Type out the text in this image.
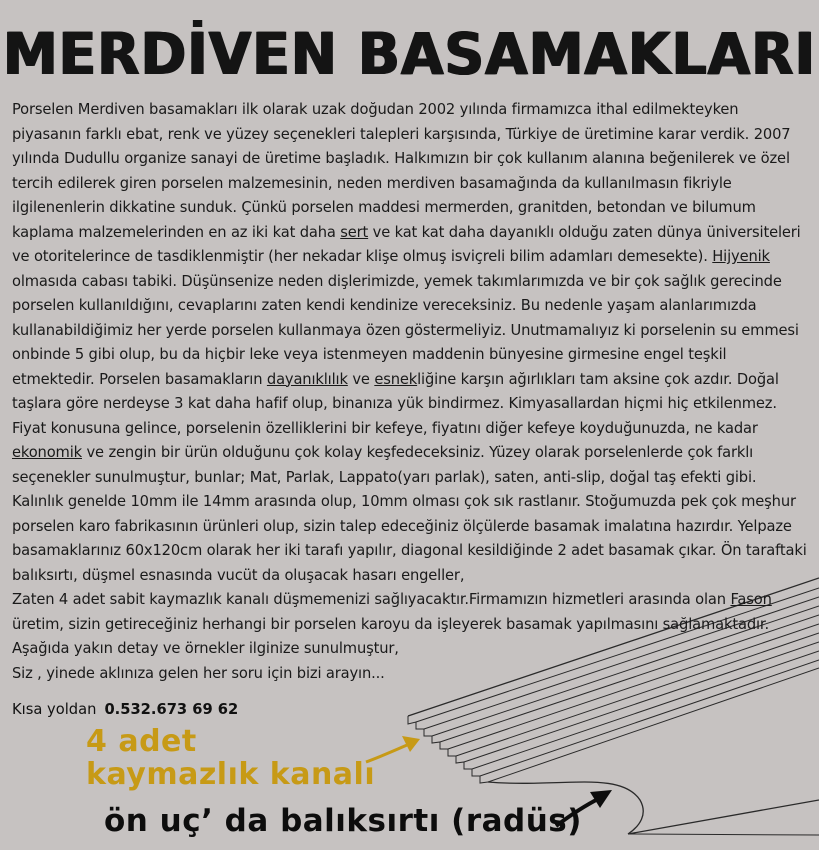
MERDİVEN BASAMAKLARI
Porselen Merdiven basamakları ilk olarak uzak doğudan 2002 yılında firmamızca ithal edilmekteyken piyasanın farklı ebat, renk ve yüzey seçenekleri talepleri karşısında, Türkiye de üretimine karar verdik. 2007 yılında Dudullu organize sanayi de üretime başladık. Halkımızın bir çok kullanım alanına beğenilerek ve özel tercih edilerek giren porselen malzemesinin, neden merdiven basamağında da kullanılmasın fikriyle ilgilenenlerin dikkatine sunduk. Çünkü porselen maddesi mermerden, granitden, betondan ve bilumum kaplama malzemelerinden en az iki kat daha sert ve kat kat daha dayanıklı olduğu zaten dünya üniversiteleri ve otoritelerince de tasdiklenmiştir (her nekadar klişe olmuş isviçreli bilim adamları demesekte). Hijyenik olmasıda cabası tabiki. Düşünsenize neden dişlerimizde, yemek takımlarımızda ve bir çok sağlık gerecinde porselen kullanıldığını, cevaplarını zaten kendi kendinize vereceksiniz. Bu nedenle yaşam alanlarımızda kullanabildiğimiz her yerde porselen kullanmaya özen göstermeliyiz. Unutmamalıyız ki porselenin su emmesi onbinde 5 gibi olup, bu da hiçbir leke veya istenmeyen maddenin bünyesine girmesine engel teşkil etmektedir. Porselen basamakların dayanıklılık ve esnekliğine karşın ağırlıkları tam aksine çok azdır. Doğal taşlara göre nerdeyse 3 kat daha hafif olup, binanıza yük bindirmez. Kimyasallardan hiçmi hiç etkilenmez. Fiyat konusuna gelince, porselenin özelliklerini bir kefeye, fiyatını diğer kefeye koyduğunuzda, ne kadar ekonomik ve zengin bir ürün olduğunu çok kolay keşfedeceksiniz. Yüzey olarak porselenlerde çok farklı seçenekler sunulmuştur, bunlar; Mat, Parlak, Lappato(yarı parlak), saten, anti-slip, doğal taş efekti gibi. Kalınlık genelde 10mm ile 14mm arasında olup, 10mm olması çok sık rastlanır. Stoğumuzda pek çok meşhur porselen karo fabrikasının ürünleri olup, sizin talep edeceğiniz ölçülerde basamak imalatına hazırdır. Yelpaze basamaklarınız 60x120cm olarak her iki tarafı yapılır, diagonal kesildiğinde 2 adet basamak çıkar. Ön taraftaki balıksırtı, düşmel esnasında vucüt da oluşacak hasarı engeller,
Zaten 4 adet sabit kaymazlık kanalı düşmemenizi sağlıyacaktır.Firmamızın hizmetleri arasında olan Fason üretim, sizin getireceğiniz herhangi bir porselen karoyu da işleyerek basamak yapılmasını sağlamaktadır. Aşağıda yakın detay ve örnekler ilginize sunulmuştur,
Siz , yinede aklınıza gelen her soru için bizi arayın...
Kısa yoldan 0.532.673 69 62
4 adet
kaymazlık kanalı
ön uç’ da balıksırtı (radüs)
